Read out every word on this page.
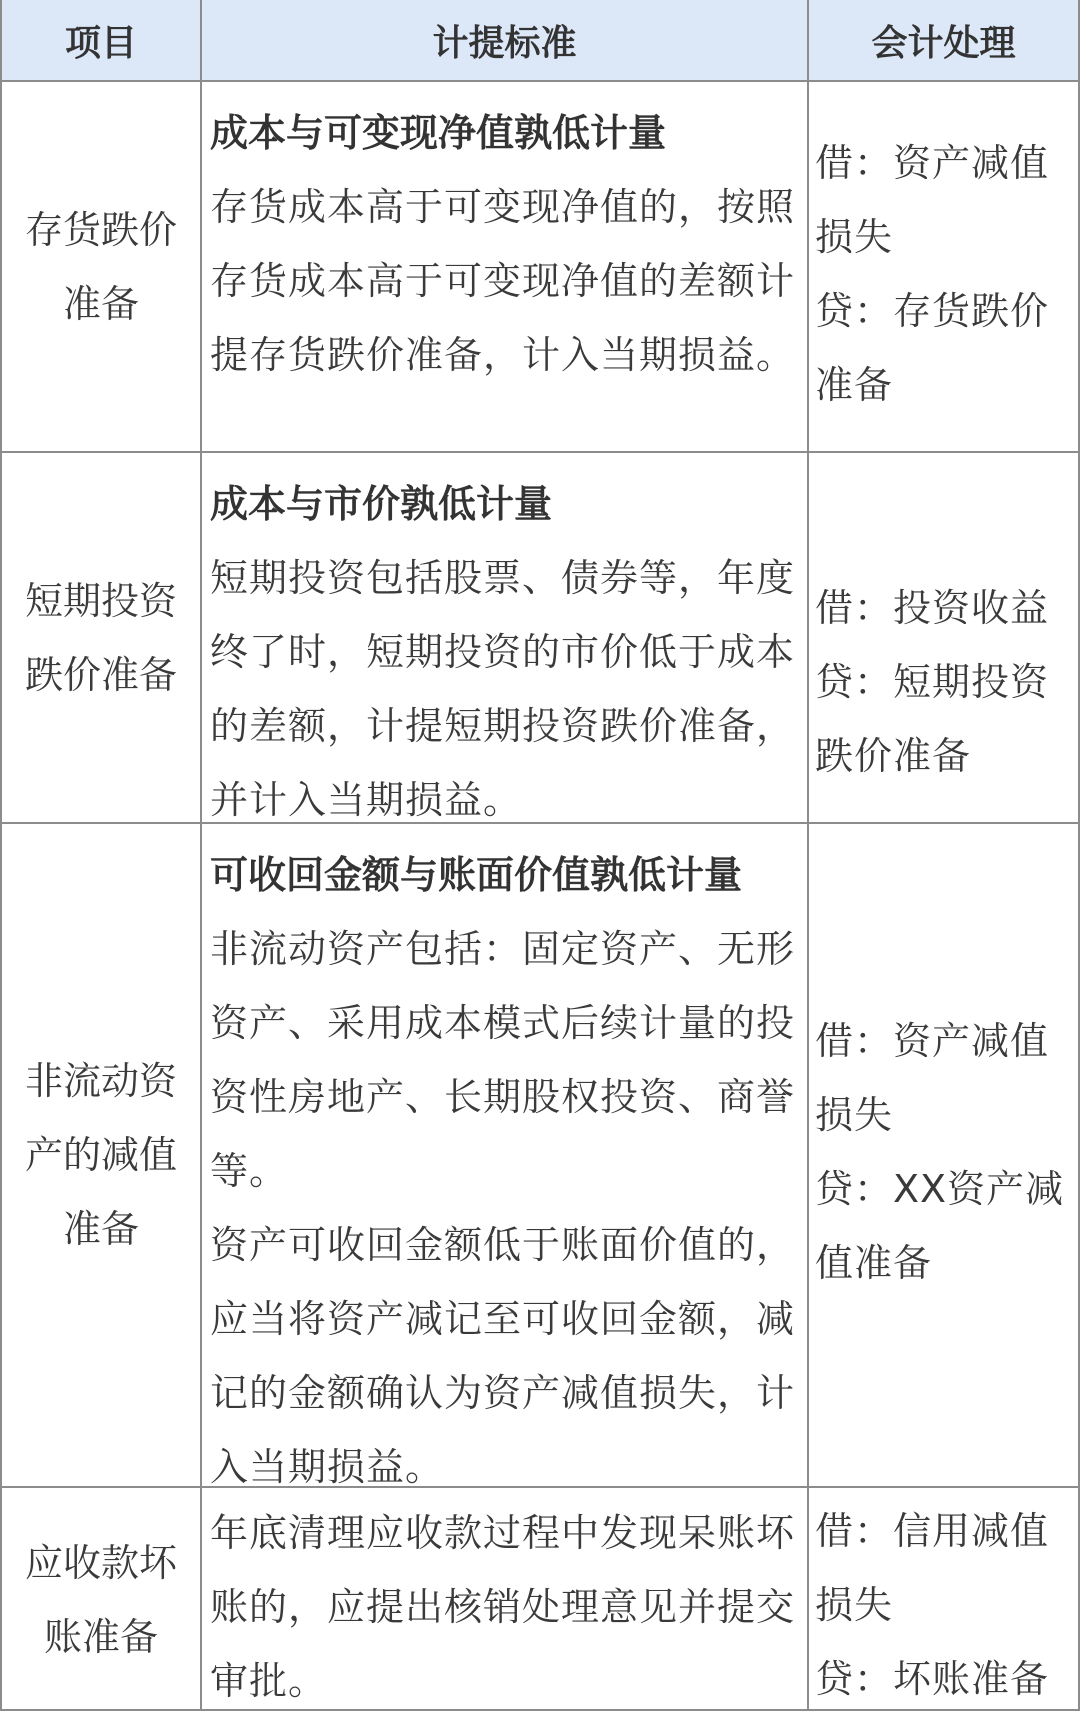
项目	计提标准	会计处理
存货跌价准备
成本与可变现净值孰低计量
存货成本高于可变现净值的，按照存货成本高于可变现净值的差额计提存货跌价准备，计入当期损益。
借：资产减值损失
贷：存货跌价准备
短期投资跌价准备
成本与市价孰低计量
短期投资包括股票、债券等，年度终了时，短期投资的市价低于成本的差额，计提短期投资跌价准备，并计入当期损益。
借：投资收益
贷：短期投资跌价准备
非流动资产的减值准备
可收回金额与账面价值孰低计量
非流动资产包括：固定资产、无形资产、采用成本模式后续计量的投资性房地产、长期股权投资、商誉等。
资产可收回金额低于账面价值的，应当将资产减记至可收回金额，减记的金额确认为资产减值损失，计入当期损益。
借：资产减值损失
贷：XX资产减值准备
应收款坏账准备
年底清理应收款过程中发现呆账坏账的，应提出核销处理意见并提交审批。
借：信用减值损失
贷：坏账准备
